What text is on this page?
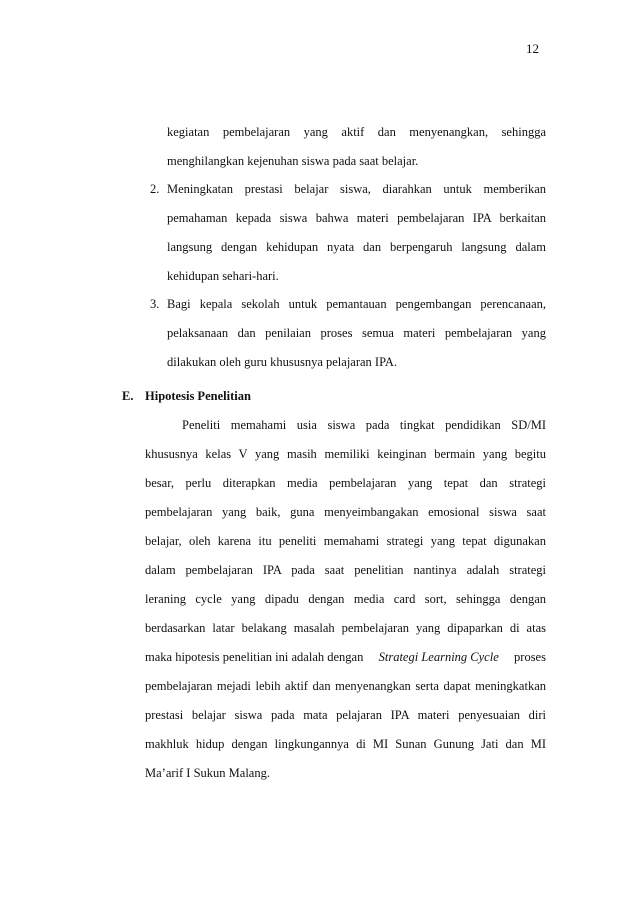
12
kegiatan pembelajaran yang aktif dan menyenangkan, sehingga
menghilangkan kejenuhan siswa pada saat belajar.
2. Meningkatan prestasi belajar siswa, diarahkan untuk memberikan
pemahaman kepada siswa bahwa materi pembelajaran IPA berkaitan
langsung dengan kehidupan nyata dan berpengaruh langsung dalam
kehidupan sehari-hari.
3. Bagi kepala sekolah untuk pemantauan pengembangan perencanaan,
pelaksanaan dan penilaian proses semua materi pembelajaran yang
dilakukan oleh guru khususnya pelajaran IPA.
E. Hipotesis Penelitian
Peneliti memahami usia siswa pada tingkat pendidikan SD/MI
khususnya kelas V yang masih memiliki keinginan bermain yang begitu
besar, perlu diterapkan media pembelajaran yang tepat dan strategi
pembelajaran yang baik, guna menyeimbangakan emosional siswa saat
belajar, oleh karena itu peneliti memahami strategi yang tepat digunakan
dalam pembelajaran IPA pada saat penelitian nantinya adalah strategi
leraning cycle yang dipadu dengan media card sort, sehingga dengan
berdasarkan latar belakang masalah pembelajaran yang dipaparkan di atas
maka hipotesis penelitian ini adalah dengan Strategi Learning Cycle proses
pembelajaran mejadi lebih aktif dan menyenangkan serta dapat meningkatkan
prestasi belajar siswa pada mata pelajaran IPA materi penyesuaian diri
makhluk hidup dengan lingkungannya di MI Sunan Gunung Jati dan MI
Ma’arif I Sukun Malang.
